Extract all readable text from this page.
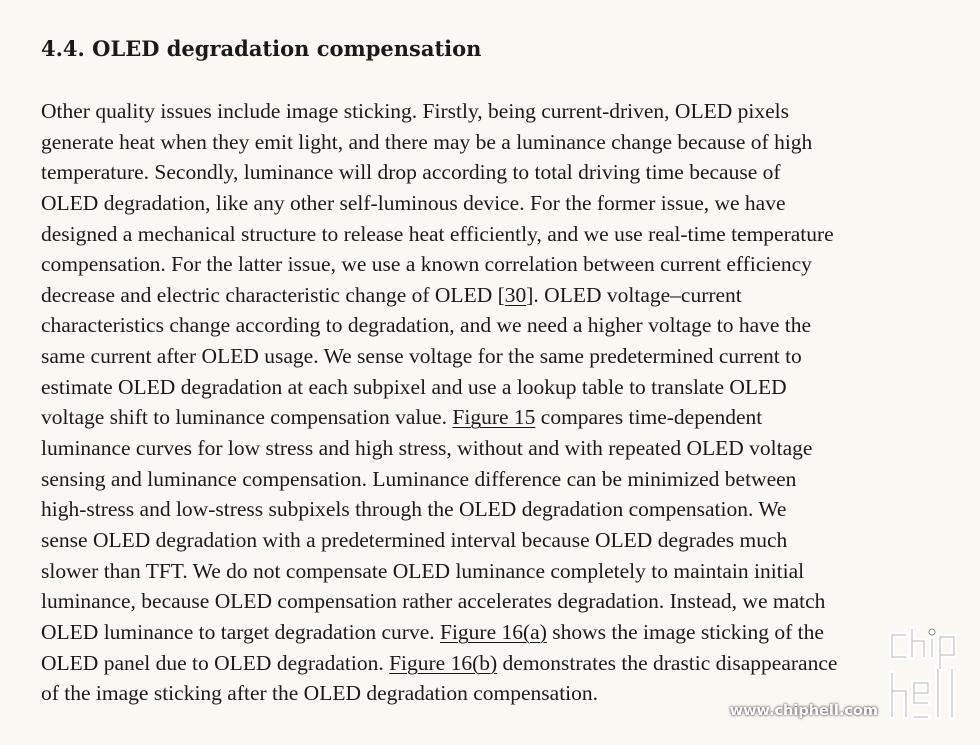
4.4. OLED degradation compensation
Other quality issues include image sticking. Firstly, being current-driven, OLED pixels
generate heat when they emit light, and there may be a luminance change because of high
temperature. Secondly, luminance will drop according to total driving time because of
OLED degradation, like any other self-luminous device. For the former issue, we have
designed a mechanical structure to release heat efficiently, and we use real-time temperature
compensation. For the latter issue, we use a known correlation between current efficiency
decrease and electric characteristic change of OLED [30]. OLED voltage–current
characteristics change according to degradation, and we need a higher voltage to have the
same current after OLED usage. We sense voltage for the same predetermined current to
estimate OLED degradation at each subpixel and use a lookup table to translate OLED
voltage shift to luminance compensation value. Figure 15 compares time-dependent
luminance curves for low stress and high stress, without and with repeated OLED voltage
sensing and luminance compensation. Luminance difference can be minimized between
high-stress and low-stress subpixels through the OLED degradation compensation. We
sense OLED degradation with a predetermined interval because OLED degrades much
slower than TFT. We do not compensate OLED luminance completely to maintain initial
luminance, because OLED compensation rather accelerates degradation. Instead, we match
OLED luminance to target degradation curve. Figure 16(a) shows the image sticking of the
OLED panel due to OLED degradation. Figure 16(b) demonstrates the drastic disappearance
of the image sticking after the OLED degradation compensation.
www.chiphell.com
